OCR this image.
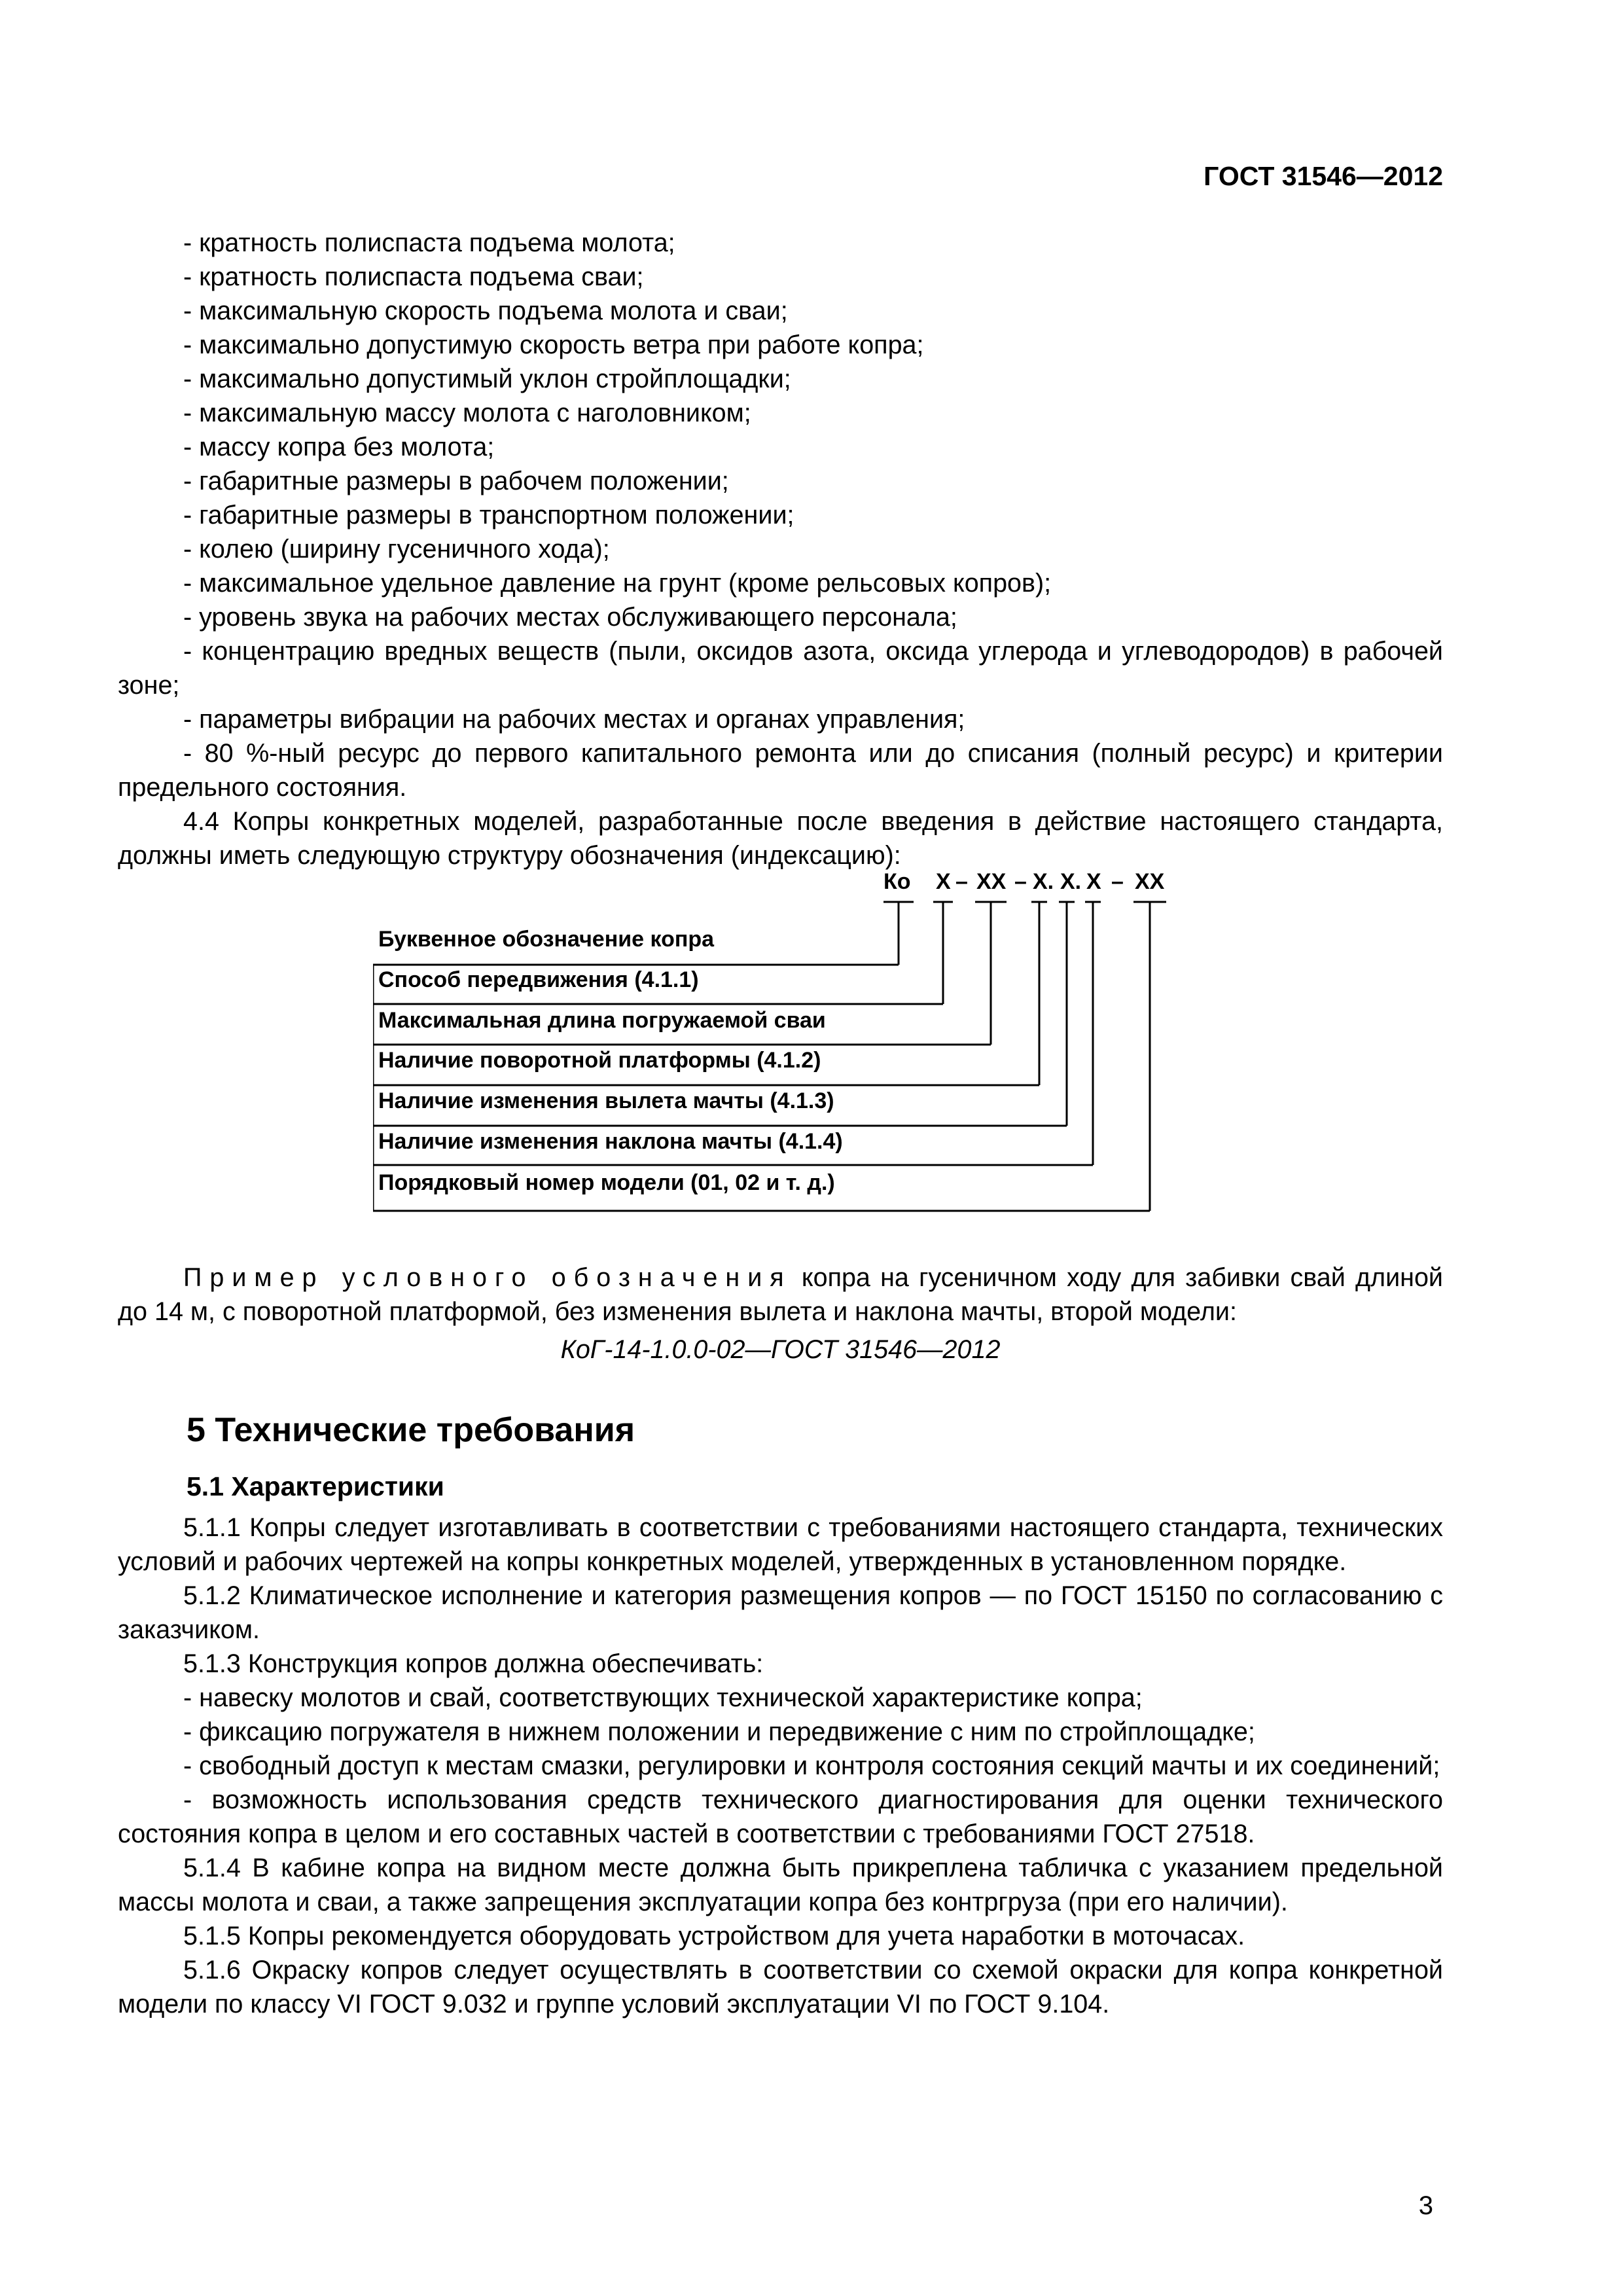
ГОСТ 31546—2012

- кратность полиспаста подъема молота;

- кратность полиспаста подъема сваи;

- максимальную скорость подъема молота и сваи;

- максимально допустимую скорость ветра при работе копра;

- максимально допустимый уклон стройплощадки;

- максимальную массу молота с наголовником;

- массу копра без молота;

- габаритные размеры в рабочем положении;

- габаритные размеры в транспортном положении;

- колею (ширину гусеничного хода);

- максимальное удельное давление на грунт (кроме рельсовых копров);

- уровень звука на рабочих местах обслуживающего персонала;

- концентрацию вредных веществ (пыли, оксидов азота, оксида углерода и углеводородов) в рабочей зоне;

- параметры вибрации на рабочих местах и органах управления;

- 80 %-ный ресурс до первого капитального ремонта или до списания (полный ресурс) и критерии предельного состояния.

4.4 Копры конкретных моделей, разработанные после введения в действие настоящего стандарта, должны иметь следующую структуру обозначения (индексацию):

Ко Х – ХХ – Х. Х. Х – ХХ
Буквенное обозначение копра
Способ передвижения (4.1.1)
Максимальная длина погружаемой сваи
Наличие поворотной платформы (4.1.2)
Наличие изменения вылета мачты (4.1.3)
Наличие изменения наклона мачты (4.1.4)
Порядковый номер модели (01, 02 и т. д.)

Пример условного обозначения копра на гусеничном ходу для забивки свай длиной до 14 м, с поворотной платформой, без изменения вылета и наклона мачты, второй модели:

КоГ-14-1.0.0-02—ГОСТ 31546—2012

5 Технические требования
5.1 Характеристики

5.1.1 Копры следует изготавливать в соответствии с требованиями настоящего стандарта, технических условий и рабочих чертежей на копры конкретных моделей, утвержденных в установленном порядке.

5.1.2 Климатическое исполнение и категория размещения копров — по ГОСТ 15150 по согласованию с заказчиком.

5.1.3 Конструкция копров должна обеспечивать:

- навеску молотов и свай, соответствующих технической характеристике копра;

- фиксацию погружателя в нижнем положении и передвижение с ним по стройплощадке;

- свободный доступ к местам смазки, регулировки и контроля состояния секций мачты и их соединений;

- возможность использования средств технического диагностирования для оценки технического состояния копра в целом и его составных частей в соответствии с требованиями ГОСТ 27518.

5.1.4 В кабине копра на видном месте должна быть прикреплена табличка с указанием предельной массы молота и сваи, а также запрещения эксплуатации копра без контргруза (при его наличии).

5.1.5 Копры рекомендуется оборудовать устройством для учета наработки в моточасах.

5.1.6 Окраску копров следует осуществлять в соответствии со схемой окраски для копра конкретной модели по классу VI ГОСТ 9.032 и группе условий эксплуатации VI по ГОСТ 9.104.

3
